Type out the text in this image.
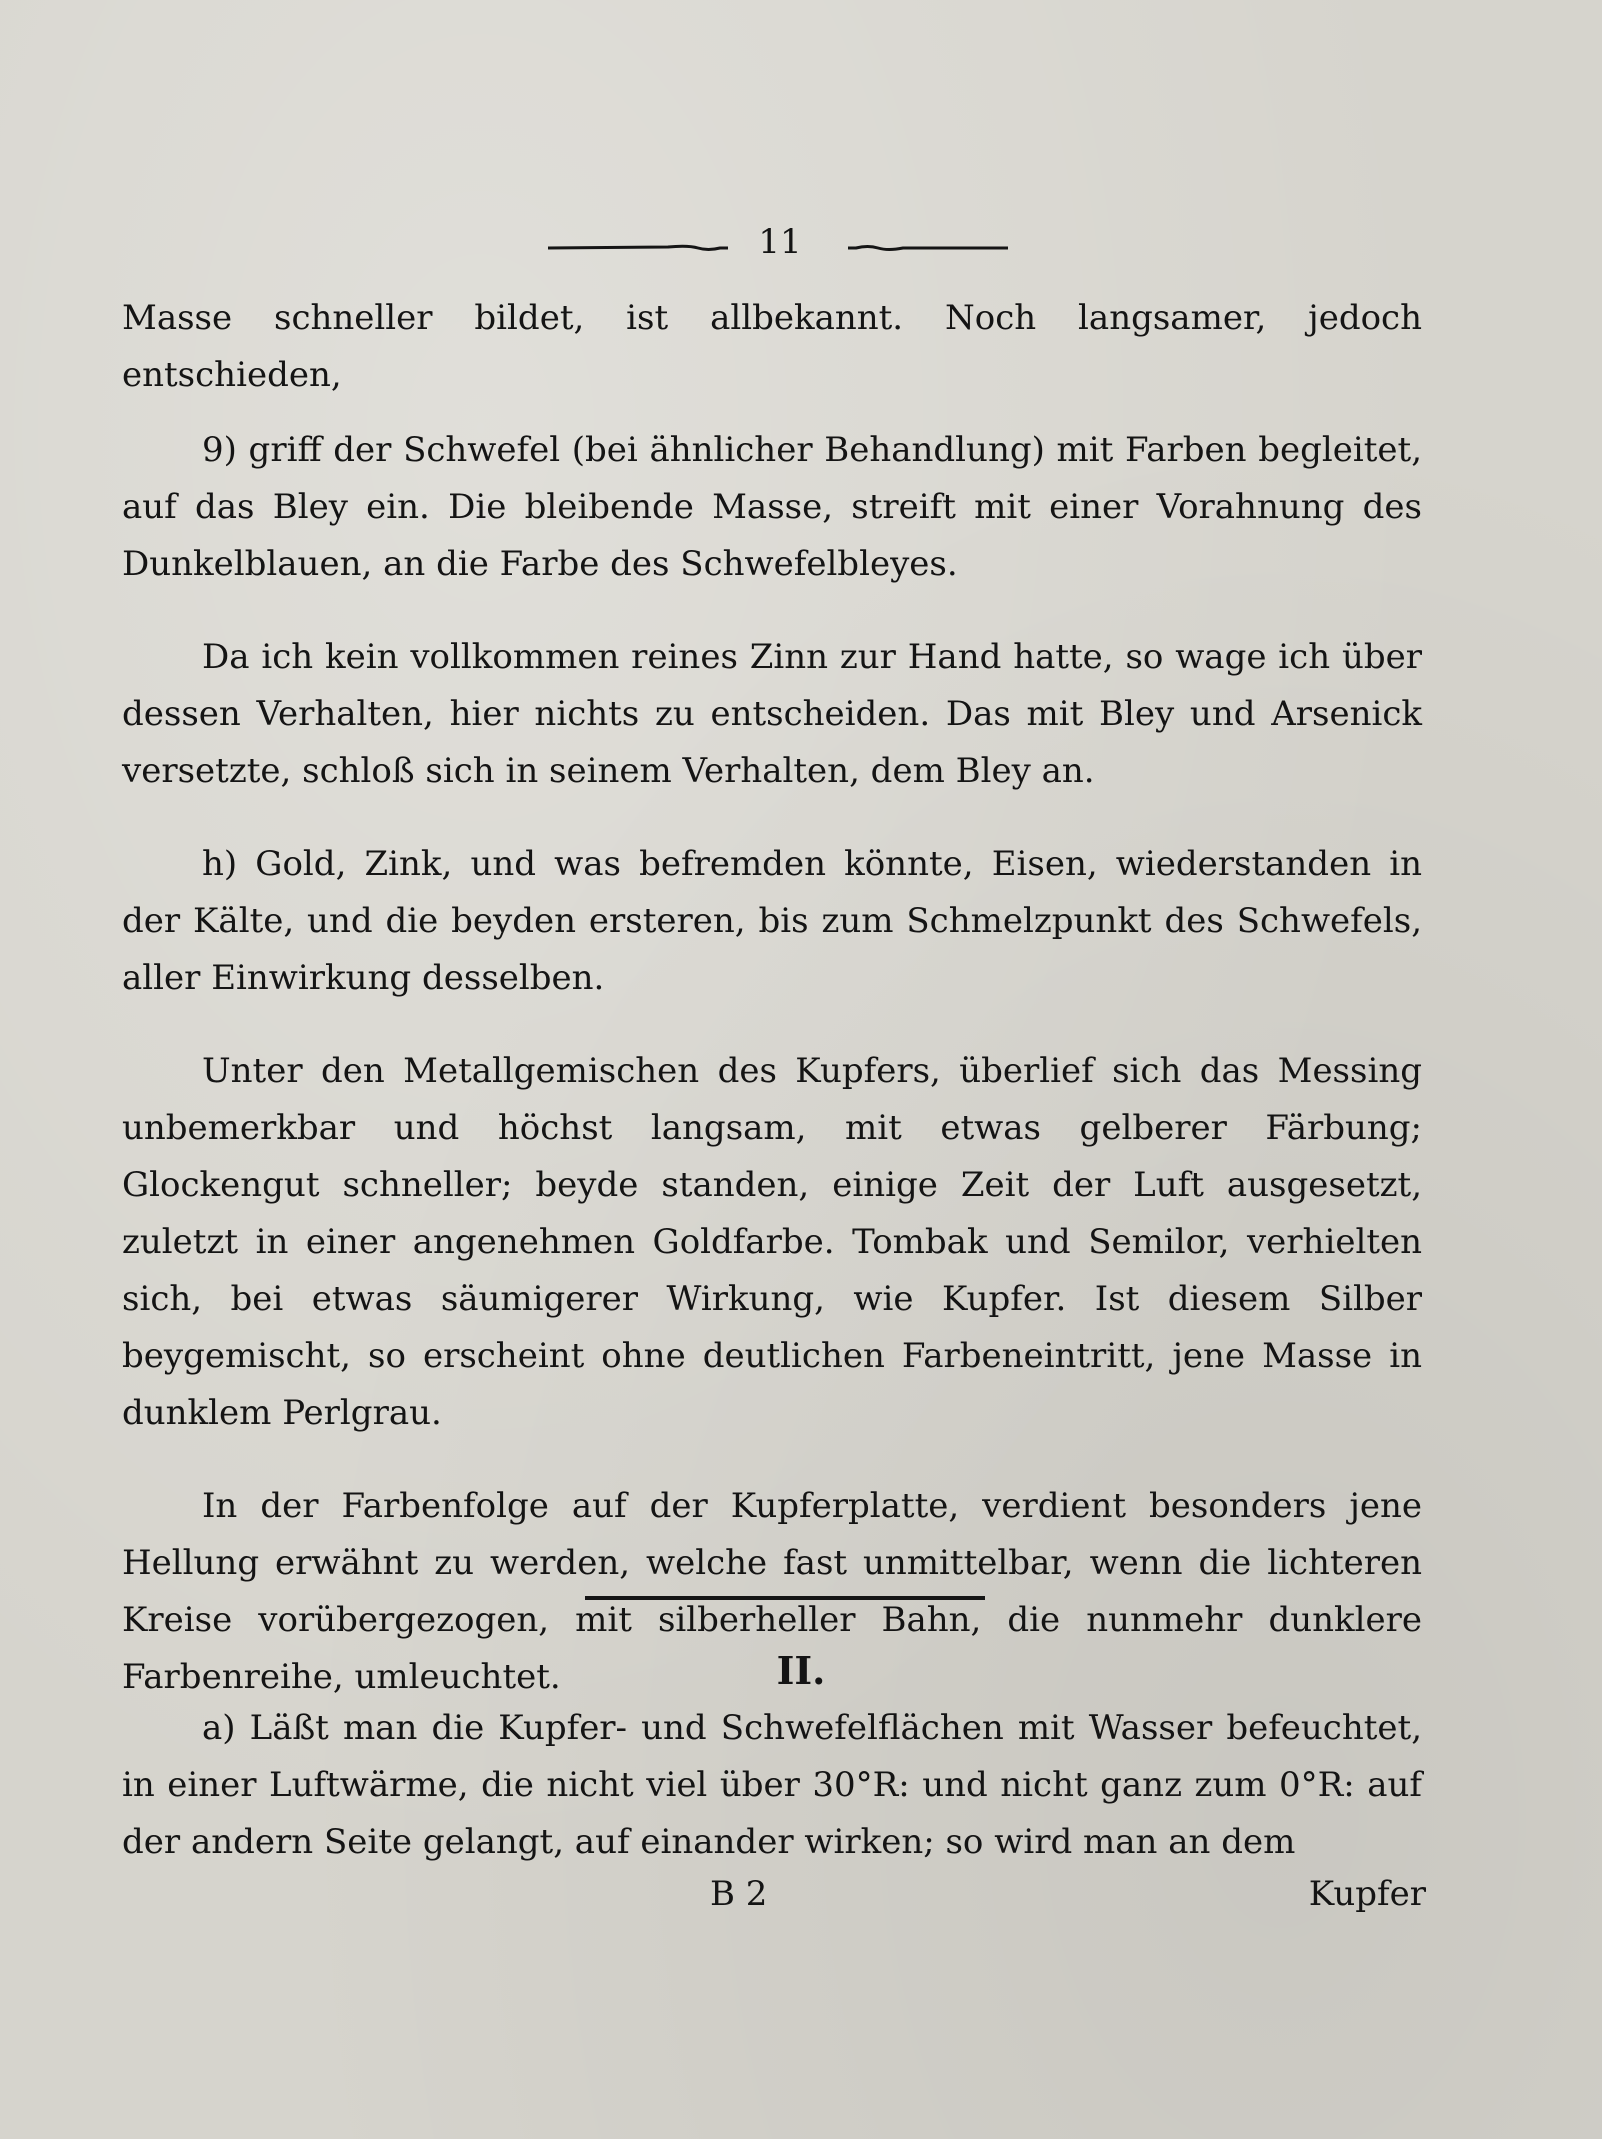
11

Masse schneller bildet, ist allbekannt. Noch langsamer, jedoch entschieden,

9) griff der Schwefel (bei ähnlicher Behandlung) mit Farben begleitet, auf das Bley ein. Die bleibende Masse, streift mit einer Vorahnung des Dunkelblauen, an die Farbe des Schwefelbleyes.

Da ich kein vollkommen reines Zinn zur Hand hatte, so wage ich über dessen Verhalten, hier nichts zu entscheiden. Das mit Bley und Arsenick versetzte, schloß sich in seinem Verhalten, dem Bley an.

h) Gold, Zink, und was befremden könnte, Eisen, wiederstanden in der Kälte, und die beyden ersteren, bis zum Schmelzpunkt des Schwefels, aller Einwirkung desselben.

Unter den Metallgemischen des Kupfers, überlief sich das Messing unbemerkbar und höchst langsam, mit etwas gelberer Färbung; Glockengut schneller; beyde standen, einige Zeit der Luft ausgesetzt, zuletzt in einer angenehmen Goldfarbe. Tombak und Semilor, verhielten sich, bei etwas säumigerer Wirkung, wie Kupfer. Ist diesem Silber beygemischt, so erscheint ohne deutlichen Farbeneintritt, jene Masse in dunklem Perlgrau.

In der Farbenfolge auf der Kupferplatte, verdient besonders jene Hellung erwähnt zu werden, welche fast unmittelbar, wenn die lichteren Kreise vorübergezogen, mit silberheller Bahn, die nunmehr dunklere Farbenreihe, umleuchtet.	II.

a) Läßt man die Kupfer- und Schwefelflächen mit Wasser befeuchtet, in einer Luftwärme, die nicht viel über 30°R: und nicht ganz zum 0°R: auf der andern Seite gelangt, auf einander wirken; so wird man an dem

B 2	Kupfer
